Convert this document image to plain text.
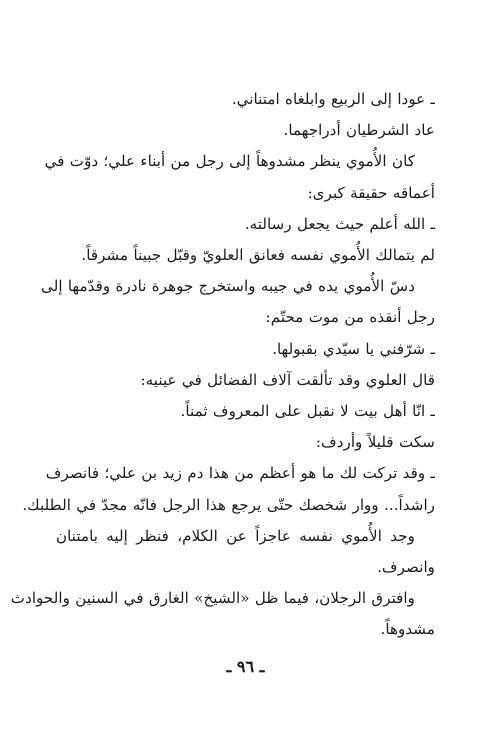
ـ عودا إلى الربيع وابلغاه امتناني.
عاد الشرطيان أدراجهما.
كان الأُموي ينظر مشدوهاً إلى رجل من أبناء علي؛ دوّت في
أعماقه حقيقة كبرى:
ـ الله أعلم حيث يجعل رسالته.
لم يتمالك الأُموي نفسه فعانق العلويّ وقبّل جبيناً مشرقاً.
دسّ الأُموي يده في جيبه واستخرج جوهرة نادرة وقدّمها إلى
رجل أنقذه من موت محتّم:
ـ شرّفني يا سيّدي بقبولها.
قال العلوي وقد تألقت آلاف الفضائل في عينيه:
ـ انّا أهل بيت لا نقبل على المعروف ثمناً.
سكت قليلاً وأردف:
ـ وقد تركت لك ما هو أعظم من هذا دم زيد بن علي؛ فانصرف
راشداً... ووار شخصك حتّى يرجع هذا الرجل فانّه مجدّ في الطلبك.
وجد الأُموي نفسه عاجزاً عن الكلام، فنظر إليه بامتنان
وانصرف.
وافترق الرجلان، فيما ظل «الشيخ» الغارق في السنين والحوادث
مشدوهاً.
ـ ٩٦ ـ
